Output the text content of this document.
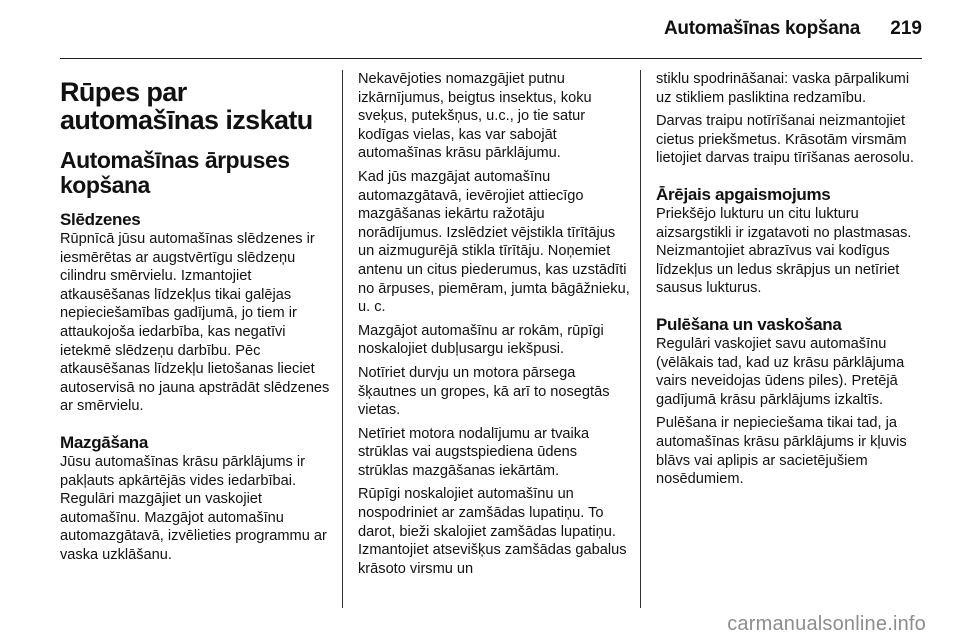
Automašīnas kopšana 219
Rūpes par automašīnas izskatu
Automašīnas ārpuses kopšana
Slēdzenes

Rūpnīcā jūsu automašīnas slēdzenes ir iesmērētas ar augstvērtīgu slēdzeņu cilindru smērvielu. Izmantojiet atkausēšanas līdzekļus tikai galējas nepieciešamības gadījumā, jo tiem ir attaukojoša iedarbība, kas negatīvi ietekmē slēdzeņu darbību. Pēc atkausēšanas līdzekļu lietošanas lieciet autoservisā no jauna apstrādāt slēdzenes ar smērvielu.

Mazgāšana

Jūsu automašīnas krāsu pārklājums ir pakļauts apkārtējās vides iedarbībai. Regulāri mazgājiet un vaskojiet automašīnu. Mazgājot automašīnu automazgātavā, izvēlieties programmu ar vaska uzklāšanu.

Nekavējoties nomazgājiet putnu izkārnījumus, beigtus insektus, koku sveķus, putekšņus, u.c., jo tie satur kodīgas vielas, kas var sabojāt automašīnas krāsu pārklājumu.

Kad jūs mazgājat automašīnu automazgātavā, ievērojiet attiecīgo mazgāšanas iekārtu ražotāju norādījumus. Izslēdziet vējstikla tīrītājus un aizmugurējā stikla tīrītāju. Noņemiet antenu un citus piederumus, kas uzstādīti no ārpuses, piemēram, jumta bāgāžnieku, u. c.

Mazgājot automašīnu ar rokām, rūpīgi noskalojiet dubļusargu iekšpusi.

Notīriet durvju un motora pārsega šķautnes un gropes, kā arī to nosegtās vietas.

Netīriet motora nodalījumu ar tvaika strūklas vai augstspiediena ūdens strūklas mazgāšanas iekārtām.

Rūpīgi noskalojiet automašīnu un nospodriniet ar zamšādas lupatiņu. To darot, bieži skalojiet zamšādas lupatiņu. Izmantojiet atsevišķus zamšādas gabalus krāsoto virsmu un

stiklu spodrināšanai: vaska pārpalikumi uz stikliem pasliktina redzamību.

Darvas traipu notīrīšanai neizmantojiet cietus priekšmetus. Krāsotām virsmām lietojiet darvas traipu tīrīšanas aerosolu.

Ārējais apgaismojums

Priekšējo lukturu un citu lukturu aizsargstikli ir izgatavoti no plastmasas. Neizmantojiet abrazīvus vai kodīgus līdzekļus un ledus skrāpjus un netīriet sausus lukturus.

Pulēšana un vaskošana

Regulāri vaskojiet savu automašīnu (vēlākais tad, kad uz krāsu pārklājuma vairs neveidojas ūdens piles). Pretējā gadījumā krāsu pārklājums izkaltīs.

Pulēšana ir nepieciešama tikai tad, ja automašīnas krāsu pārklājums ir kļuvis blāvs vai aplipis ar sacietējušiem nosēdumiem.

carmanualsonline.info
